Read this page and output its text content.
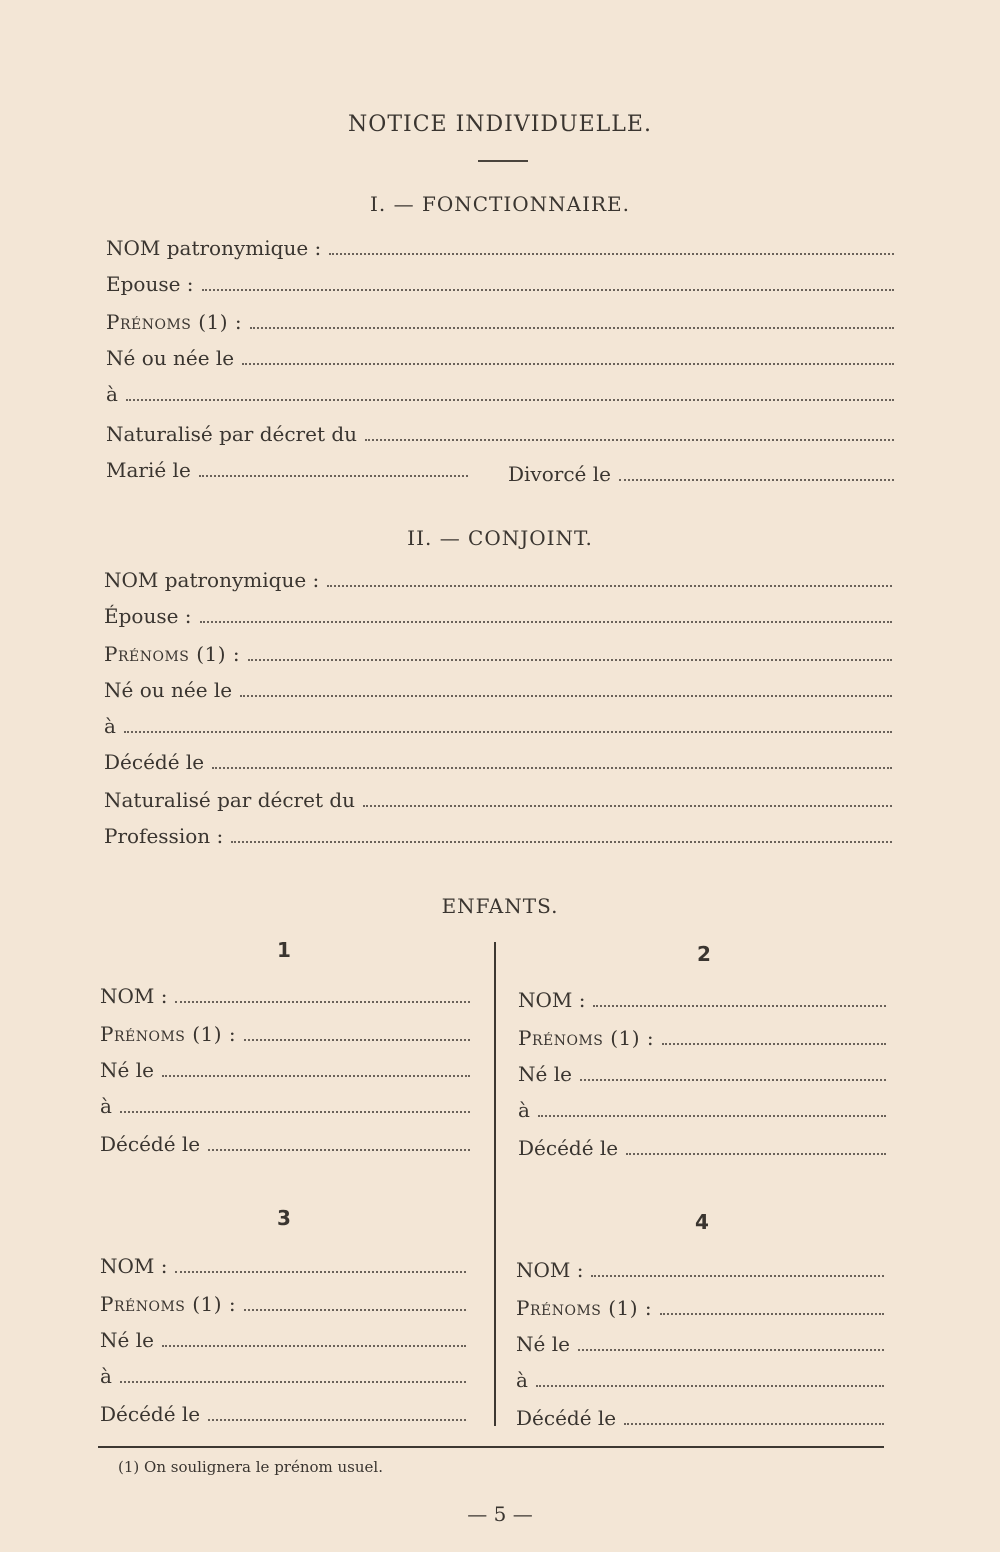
NOTICE INDIVIDUELLE.
I. — FONCTIONNAIRE.
NOM patronymique :
Epouse :
Prénoms (1) :
Né ou née le
à
Naturalisé par décret du
Marié le	Divorcé le
II. — CONJOINT.
NOM patronymique :
Épouse :
Prénoms (1) :
Né ou née le
à
Décédé le
Naturalisé par décret du
Profession :
ENFANTS.
1
NOM :
Prénoms (1) :
Né le
à
Décédé le
2
NOM :
Prénoms (1) :
Né le
à
Décédé le
3
NOM :
Prénoms (1) :
Né le
à
Décédé le
4
NOM :
Prénoms (1) :
Né le
à
Décédé le
(1) On soulignera le prénom usuel.
— 5 —
